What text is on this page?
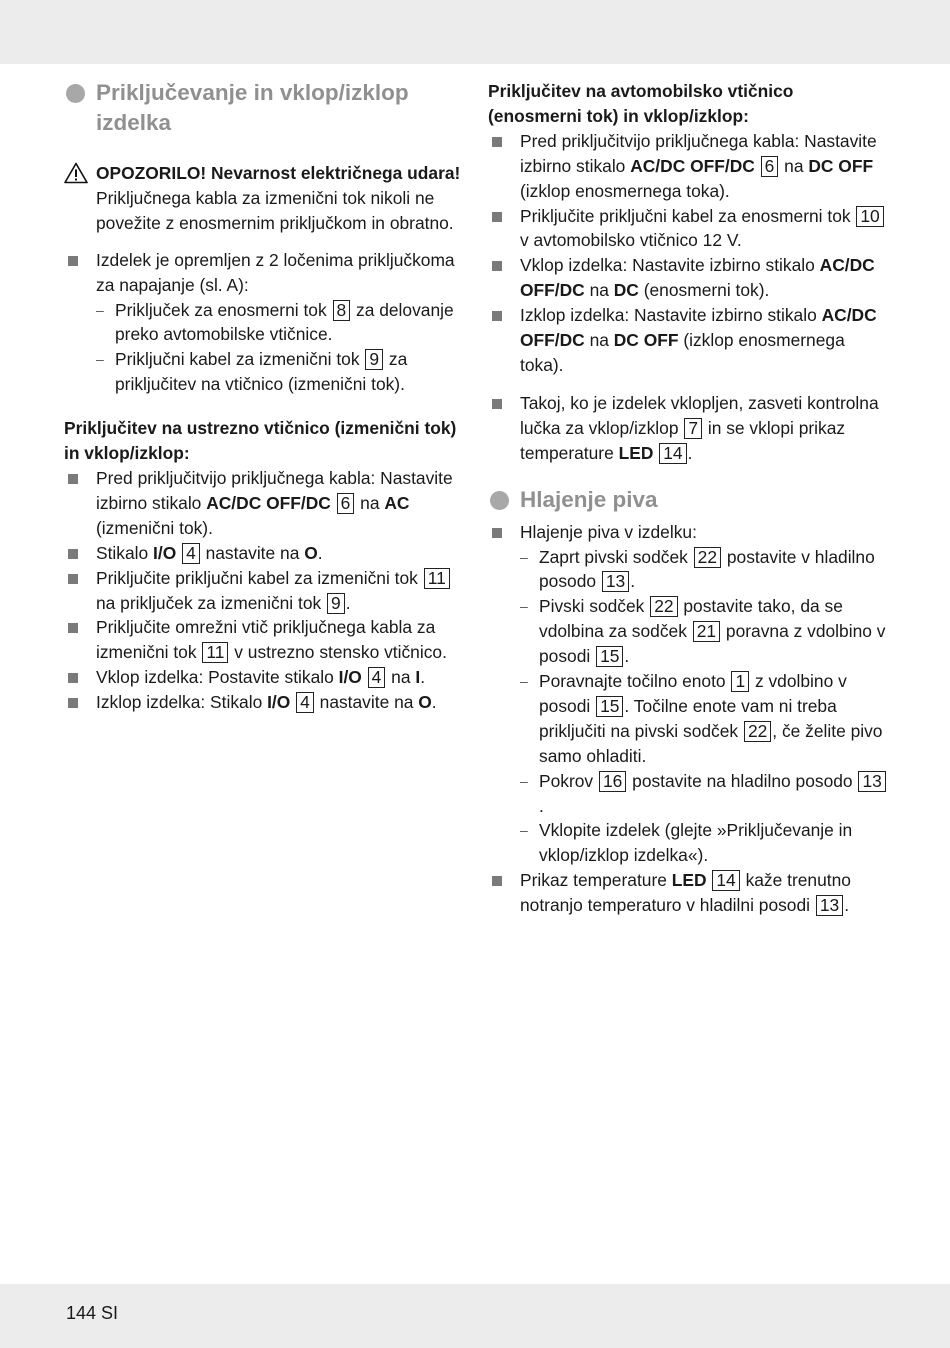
144 SI
Priključevanje in vklop/izklop izdelka

OPOZORILO! Nevarnost električnega udara! Priključnega kabla za izmenični tok nikoli ne povežite z enosmernim priključkom in obratno.

Izdelek je opremljen z 2 ločenima priključkoma za napajanje (sl. A):
– Priključek za enosmerni tok 8 za delovanje preko avtomobilske vtičnice.
– Priključni kabel za izmenični tok 9 za priključitev na vtičnico (izmenični tok).

Priključitev na ustrezno vtičnico (izmenični tok) in vklop/izklop:

Pred priključitvijo priključnega kabla: Nastavite izbirno stikalo AC/DC OFF/DC 6 na AC (izmenični tok).
Stikalo I/O 4 nastavite na O.
Priključite priključni kabel za izmenični tok 11 na priključek za izmenični tok 9 .
Priključite omrežni vtič priključnega kabla za izmenični tok 11 v ustrezno stensko vtičnico.
Vklop izdelka: Postavite stikalo I/O 4 na I.
Izklop izdelka: Stikalo I/O 4 nastavite na O.

Priključitev na avtomobilsko vtičnico (enosmerni tok) in vklop/izklop:

Pred priključitvijo priključnega kabla: Nastavite izbirno stikalo AC/DC OFF/DC 6 na DC OFF (izklop enosmernega toka).
Priključite priključni kabel za enosmerni tok 10 v avtomobilsko vtičnico 12 V.
Vklop izdelka: Nastavite izbirno stikalo AC/DC OFF/DC na DC (enosmerni tok).
Izklop izdelka: Nastavite izbirno stikalo AC/DC OFF/DC na DC OFF (izklop enosmernega toka).
Takoj, ko je izdelek vklopljen, zasveti kontrolna lučka za vklop/izklop 7 in se vklopi prikaz temperature LED 14 .
Hlajenje piva
Hlajenje piva v izdelku:
– Zaprt pivski sodček 22 postavite v hladilno posodo 13 .
– Pivski sodček 22 postavite tako, da se vdolbina za sodček 21 poravna z vdolbino v posodi 15 .
– Poravnajte točilno enoto 1 z vdolbino v posodi 15 . Točilne enote vam ni treba priključiti na pivski sodček 22 , če želite pivo samo ohladiti.
– Pokrov 16 postavite na hladilno posodo 13.
– Vklopite izdelek (glejte »Priključevanje in vklop/izklop izdelka«).
Prikaz temperature LED 14 kaže trenutno notranjo temperaturo v hladilni posodi 13 .
